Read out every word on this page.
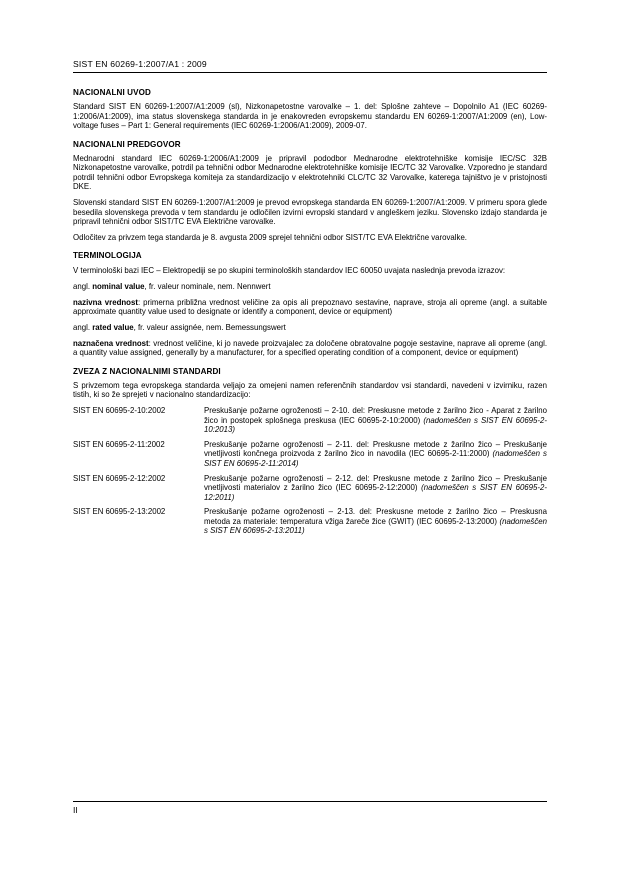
SIST EN 60269-1:2007/A1 : 2009
NACIONALNI UVOD

Standard SIST EN 60269-1:2007/A1:2009 (sl), Nizkonapetostne varovalke – 1. del: Splošne zahteve – Dopolnilo A1 (IEC 60269-1:2006/A1:2009), ima status slovenskega standarda in je enakovreden evropskemu standardu EN 60269-1:2007/A1:2009 (en), Low-voltage fuses – Part 1: General requirements (IEC 60269-1:2006/A1:2009), 2009-07.

NACIONALNI PREDGOVOR

Mednarodni standard IEC 60269-1:2006/A1:2009 je pripravil pododbor Mednarodne elektrotehniške komisije IEC/SC 32B Nizkonapetostne varovalke, potrdil pa tehnični odbor Mednarodne elektrotehniške komisije IEC/TC 32 Varovalke. Vzporedno je standard potrdil tehnični odbor Evropskega komiteja za standardizacijo v elektrotehniki CLC/TC 32 Varovalke, katerega tajništvo je v pristojnosti DKE.

Slovenski standard SIST EN 60269-1:2007/A1:2009 je prevod evropskega standarda EN 60269-1:2007/A1:2009. V primeru spora glede besedila slovenskega prevoda v tem standardu je odločilen izvirni evropski standard v angleškem jeziku. Slovensko izdajo standarda je pripravil tehnični odbor SIST/TC EVA Električne varovalke.

Odločitev za privzem tega standarda je 8. avgusta 2009 sprejel tehnični odbor SIST/TC EVA Električne varovalke.

TERMINOLOGIJA

V terminološki bazi IEC – Elektropediji se po skupini terminoloških standardov IEC 60050 uvajata naslednja prevoda izrazov:

angl. nominal value, fr. valeur nominale, nem. Nennwert

nazivna vrednost: primerna približna vrednost veličine za opis ali prepoznavo sestavine, naprave, stroja ali opreme (angl. a suitable approximate quantity value used to designate or identify a component, device or equipment)

angl. rated value, fr. valeur assignée, nem. Bemessungswert

naznačena vrednost: vrednost veličine, ki jo navede proizvajalec za določene obratovalne pogoje sestavine, naprave ali opreme (angl. a quantity value assigned, generally by a manufacturer, for a specified operating condition of a component, device or equipment)

ZVEZA Z NACIONALNIMI STANDARDI

S privzemom tega evropskega standarda veljajo za omejeni namen referenčnih standardov vsi standardi, navedeni v izvirniku, razen tistih, ki so že sprejeti v nacionalno standardizacijo:

SIST EN 60695-2-10:2002	Preskušanje požarne ogroženosti – 2-10. del: Preskusne metode z žarilno žico - Aparat z žarilno žico in postopek splošnega preskusa (IEC 60695-2-10:2000) (nadomeščen s SIST EN 60695-2-10:2013)
SIST EN 60695-2-11:2002	Preskušanje požarne ogroženosti – 2-11. del: Preskusne metode z žarilno žico – Preskušanje vnetljivosti končnega proizvoda z žarilno žico in navodila (IEC 60695-2-11:2000) (nadomeščen s SIST EN 60695-2-11:2014)
SIST EN 60695-2-12:2002	Preskušanje požarne ogroženosti – 2-12. del: Preskusne metode z žarilno žico – Preskušanje vnetljivosti materialov z žarilno žico (IEC 60695-2-12:2000) (nadomeščen s SIST EN 60695-2-12:2011)
SIST EN 60695-2-13:2002	Preskušanje požarne ogroženosti – 2-13. del: Preskusne metode z žarilno žico – Preskusna metoda za materiale: temperatura vžiga žareče žice (GWIT) (IEC 60695-2-13:2000) (nadomeščen s SIST EN 60695-2-13:2011)
II
